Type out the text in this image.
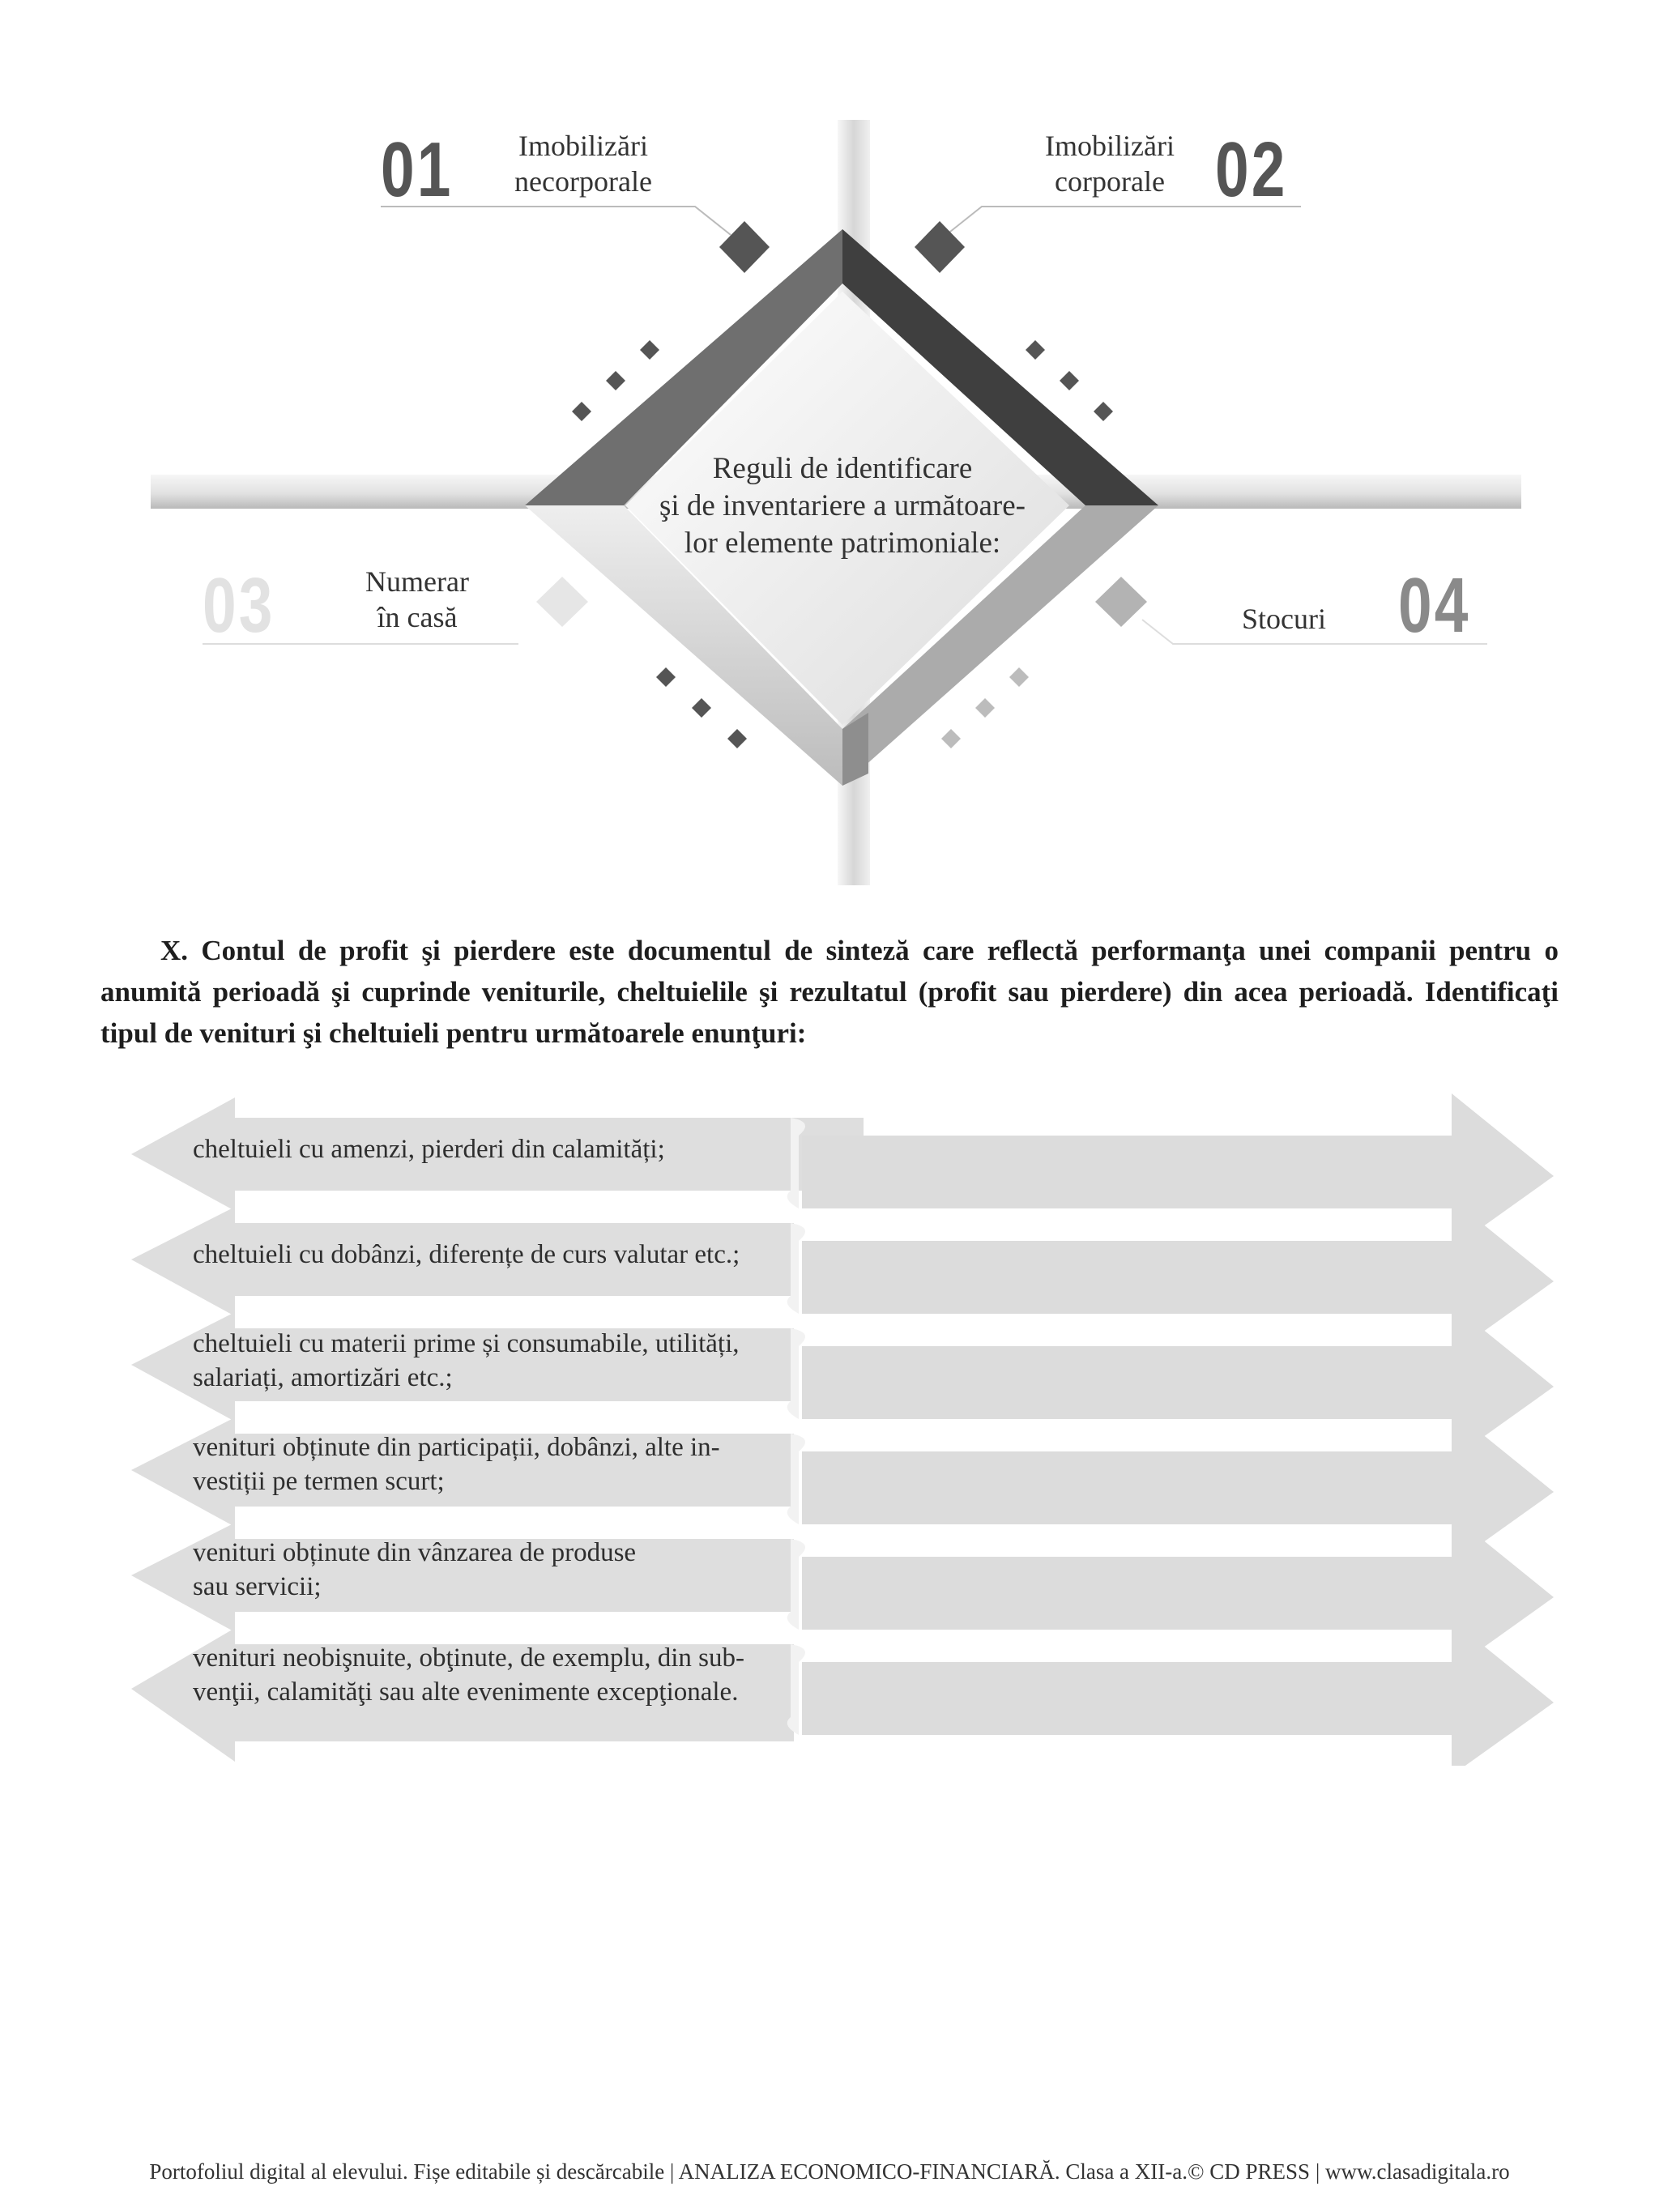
01	Imobilizări
necorporale	02
Imobilizări
corporale
03	Numerar
în casă	04
Stocuri
Reguli de identificare
şi de inventariere a următoare-
lor elemente patrimoniale:

X. Contul de profit şi pierdere este documentul de sinteză care reflectă performanţa unei companii pentru o anumită perioadă şi cuprinde veniturile, cheltuielile şi rezultatul (profit sau pierdere) din acea perioadă. Identificaţi tipul de venituri şi cheltuieli pentru următoarele enunţuri:

cheltuieli cu amenzi, pierderi din calamități;
cheltuieli cu dobânzi, diferențe de curs valutar etc.;
cheltuieli cu materii prime și consumabile, utilități,
salariați, amortizări etc.;
venituri obținute din participații, dobânzi, alte in-
vestiții pe termen scurt;
venituri obținute din vânzarea de produse
sau servicii;
venituri neobişnuite, obţinute, de exemplu, din sub-
venţii, calamităţi sau alte evenimente excepţionale.
Portofoliul digital al elevului. Fișe editabile și descărcabile | ANALIZA ECONOMICO-FINANCIARĂ. Clasa a XII-a.© CD PRESS | www.clasadigitala.ro
